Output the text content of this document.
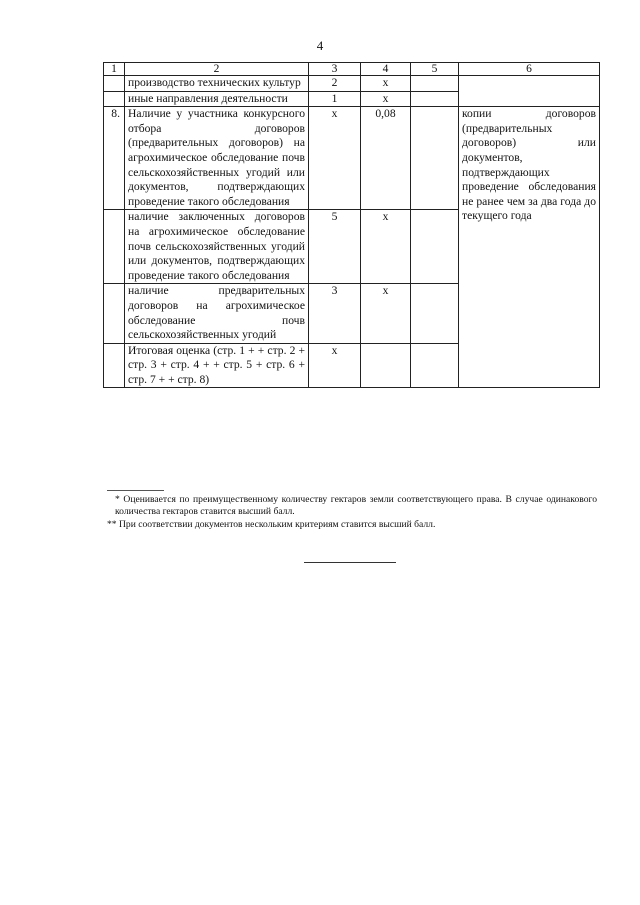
4
1	2	3	4	5	6
	производство технических культур	2	x		
	иные направления деятельности	1	x		
8.	Наличие у участника конкурсного отбора договоров (предварительных договоров) на агрохимическое обследование почв сельскохозяйственных угодий или документов, подтверждающих проведение такого обследования	x	0,08		копии договоров (предварительных договоров) или документов, подтверждающих проведение обследования не ранее чем за два года до текущего года
	наличие заключенных договоров на агрохимическое обследование почв сельскохозяйственных угодий или документов, подтверждающих проведение такого обследования	5	x		
	наличие предварительных договоров на агрохимическое обследование почв сельскохозяйственных угодий	3	x		
	Итоговая оценка (стр. 1 + + стр. 2 + стр. 3 + стр. 4 + + стр. 5 + стр. 6 + стр. 7 + + стр. 8)	x			

* Оценивается по преимущественному количеству гектаров земли соответствующего права. В случае одинакового количества гектаров ставится высший балл.

** При соответствии документов нескольким критериям ставится высший балл.
